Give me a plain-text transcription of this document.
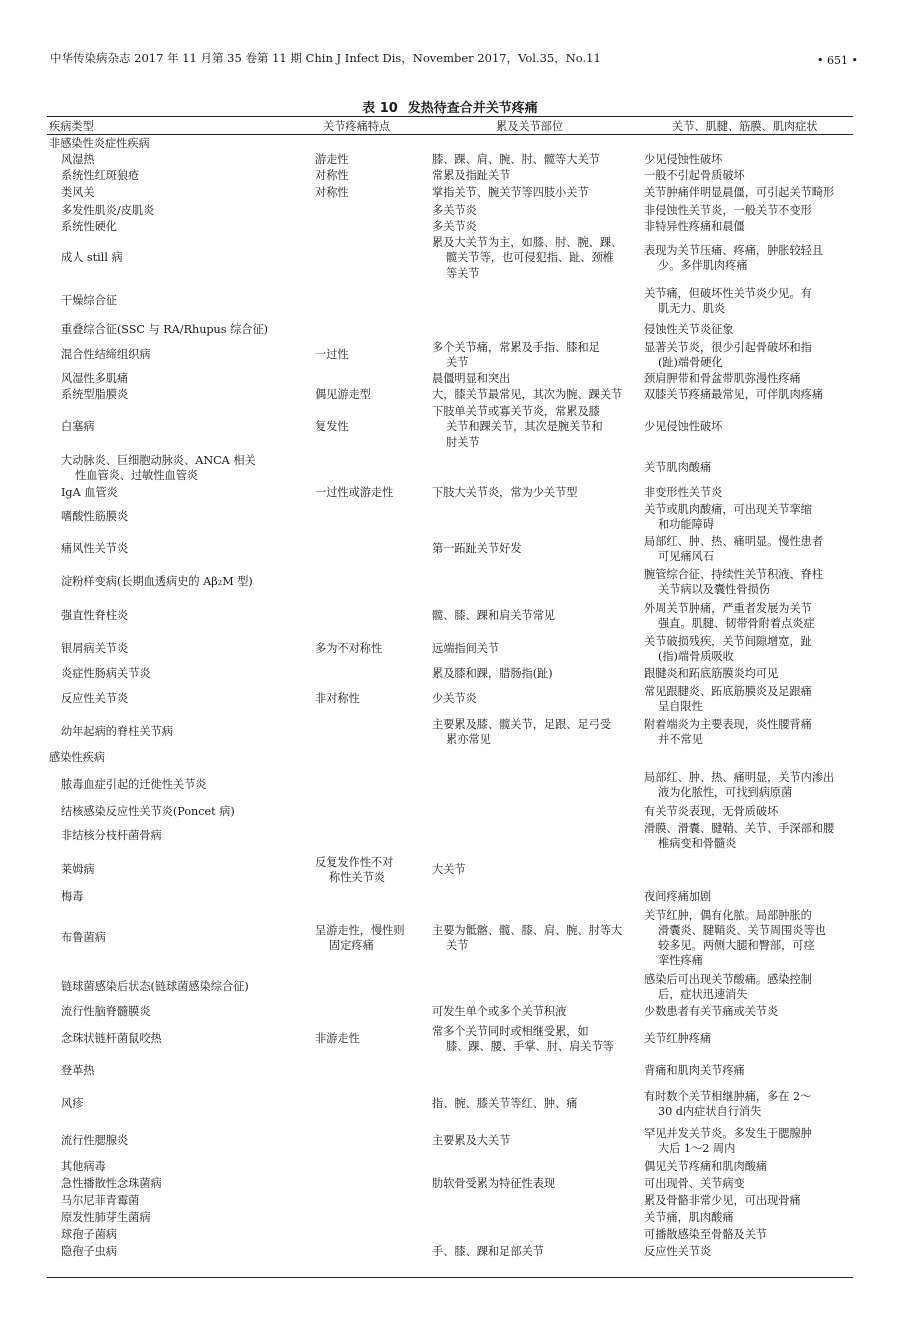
中华传染病杂志 2017 年 11 月第 35 卷第 11 期 Chin J Infect Dis，November 2017，Vol.35，No.11	• 651 •
表 10 发热待查合并关节疼痛
疾病类型	关节疼痛特点	累及关节部位	关节、肌腱、筋膜、肌肉症状

非感染性炎症性疾病			

风湿热	游走性	膝、踝、肩、腕、肘、髋等大关节	少见侵蚀性破坏

系统性红斑狼疮	对称性	常累及指趾关节	一般不引起骨质破坏

类风关	对称性	掌指关节、腕关节等四肢小关节	关节肿痛伴明显晨僵，可引起关节畸形

多发性肌炎/皮肌炎		多关节炎	非侵蚀性关节炎，一般关节不变形

系统性硬化		多关节炎	非特异性疼痛和晨僵

成人 still 病		累及大关节为主，如膝、肘、腕、踝、
髋关节等，也可侵犯指、趾、颈椎
等关节	表现为关节压痛、疼痛，肿胀较轻且
少。多伴肌肉疼痛

干燥综合征			关节痛，但破坏性关节炎少见。有
肌无力、肌炎

重叠综合征(SSC 与 RA/Rhupus 综合征)			侵蚀性关节炎征象

混合性结缔组织病	一过性	多个关节痛，常累及手指、膝和足
关节	显著关节炎，很少引起骨破坏和指
(趾)端骨硬化

风湿性多肌痛		晨僵明显和突出	颈肩胛带和骨盆带肌弥漫性疼痛

系统型脂膜炎	偶见游走型	大，膝关节最常见，其次为腕、踝关节	双膝关节疼痛最常见，可伴肌肉疼痛

白塞病	复发性	下肢单关节或寡关节炎，常累及膝
关节和踝关节，其次是腕关节和
肘关节	少见侵蚀性破坏

大动脉炎、巨细胞动脉炎、ANCA 相关
性血管炎、过敏性血管炎			关节肌肉酸痛

IgA 血管炎	一过性或游走性	下肢大关节炎，常为少关节型	非变形性关节炎

嗜酸性筋膜炎			关节或肌肉酸痛，可出现关节挛缩
和功能障碍

痛风性关节炎		第一跖趾关节好发	局部红、肿、热、痛明显。慢性患者
可见痛风石

淀粉样变病(长期血透病史的 Aβ₂M 型)			腕管综合征、持续性关节积液、脊柱
关节病以及囊性骨损伤

强直性脊柱炎		髋、膝、踝和肩关节常见	外周关节肿痛，严重者发展为关节
强直。肌腱、韧带骨附着点炎症

银屑病关节炎	多为不对称性	远端指间关节	关节破损残疾，关节间隙增宽，趾
(指)端骨质吸收

炎症性肠病关节炎		累及膝和踝，腊肠指(趾)	跟腱炎和跖底筋膜炎均可见

反应性关节炎	非对称性	少关节炎	常见跟腱炎、跖底筋膜炎及足跟痛
呈自限性

幼年起病的脊柱关节病		主要累及膝、髋关节，足跟、足弓受
累亦常见	附着端炎为主要表现，炎性腰背痛
并不常见

感染性疾病			

脓毒血症引起的迁徙性关节炎			局部红、肿、热、痛明显，关节内渗出
液为化脓性，可找到病原菌

结核感染反应性关节炎(Poncet 病)			有关节炎表现，无骨质破坏

非结核分枝杆菌骨病			滑膜、滑囊、腱鞘、关节、手深部和腰
椎病变和骨髓炎

莱姆病	反复发作性不对
称性关节炎	大关节	

梅毒			夜间疼痛加剧

布鲁菌病	呈游走性，慢性则
固定疼痛	主要为骶髂、髋、膝、肩、腕、肘等大
关节	关节红肿，偶有化脓。局部肿胀的
滑囊炎、腱鞘炎、关节周围炎等也
较多见。两侧大腿和臀部，可痉
挛性疼痛

链球菌感染后状态(链球菌感染综合征)			感染后可出现关节酸痛。感染控制
后，症状迅速消失

流行性脑脊髓膜炎		可发生单个或多个关节积液	少数患者有关节痛或关节炎

念珠状链杆菌鼠咬热	非游走性	常多个关节同时或相继受累，如
膝、踝、腰、手掌、肘、肩关节等	关节红肿疼痛

登革热			背痛和肌肉关节疼痛

风疹		指、腕、膝关节等红、肿、痛	有时数个关节相继肿痛，多在 2～
30 d内症状自行消失

流行性腮腺炎		主要累及大关节	罕见并发关节炎。多发生于腮腺肿
大后 1～2 周内

其他病毒			偶见关节疼痛和肌肉酸痛

急性播散性念珠菌病		肋软骨受累为特征性表现	可出现骨、关节病变

马尔尼菲青霉菌			累及骨骼非常少见，可出现骨痛

原发性肺芽生菌病			关节痛，肌肉酸痛

球孢子菌病			可播散感染至骨骼及关节

隐孢子虫病		手、膝、踝和足部关节	反应性关节炎
